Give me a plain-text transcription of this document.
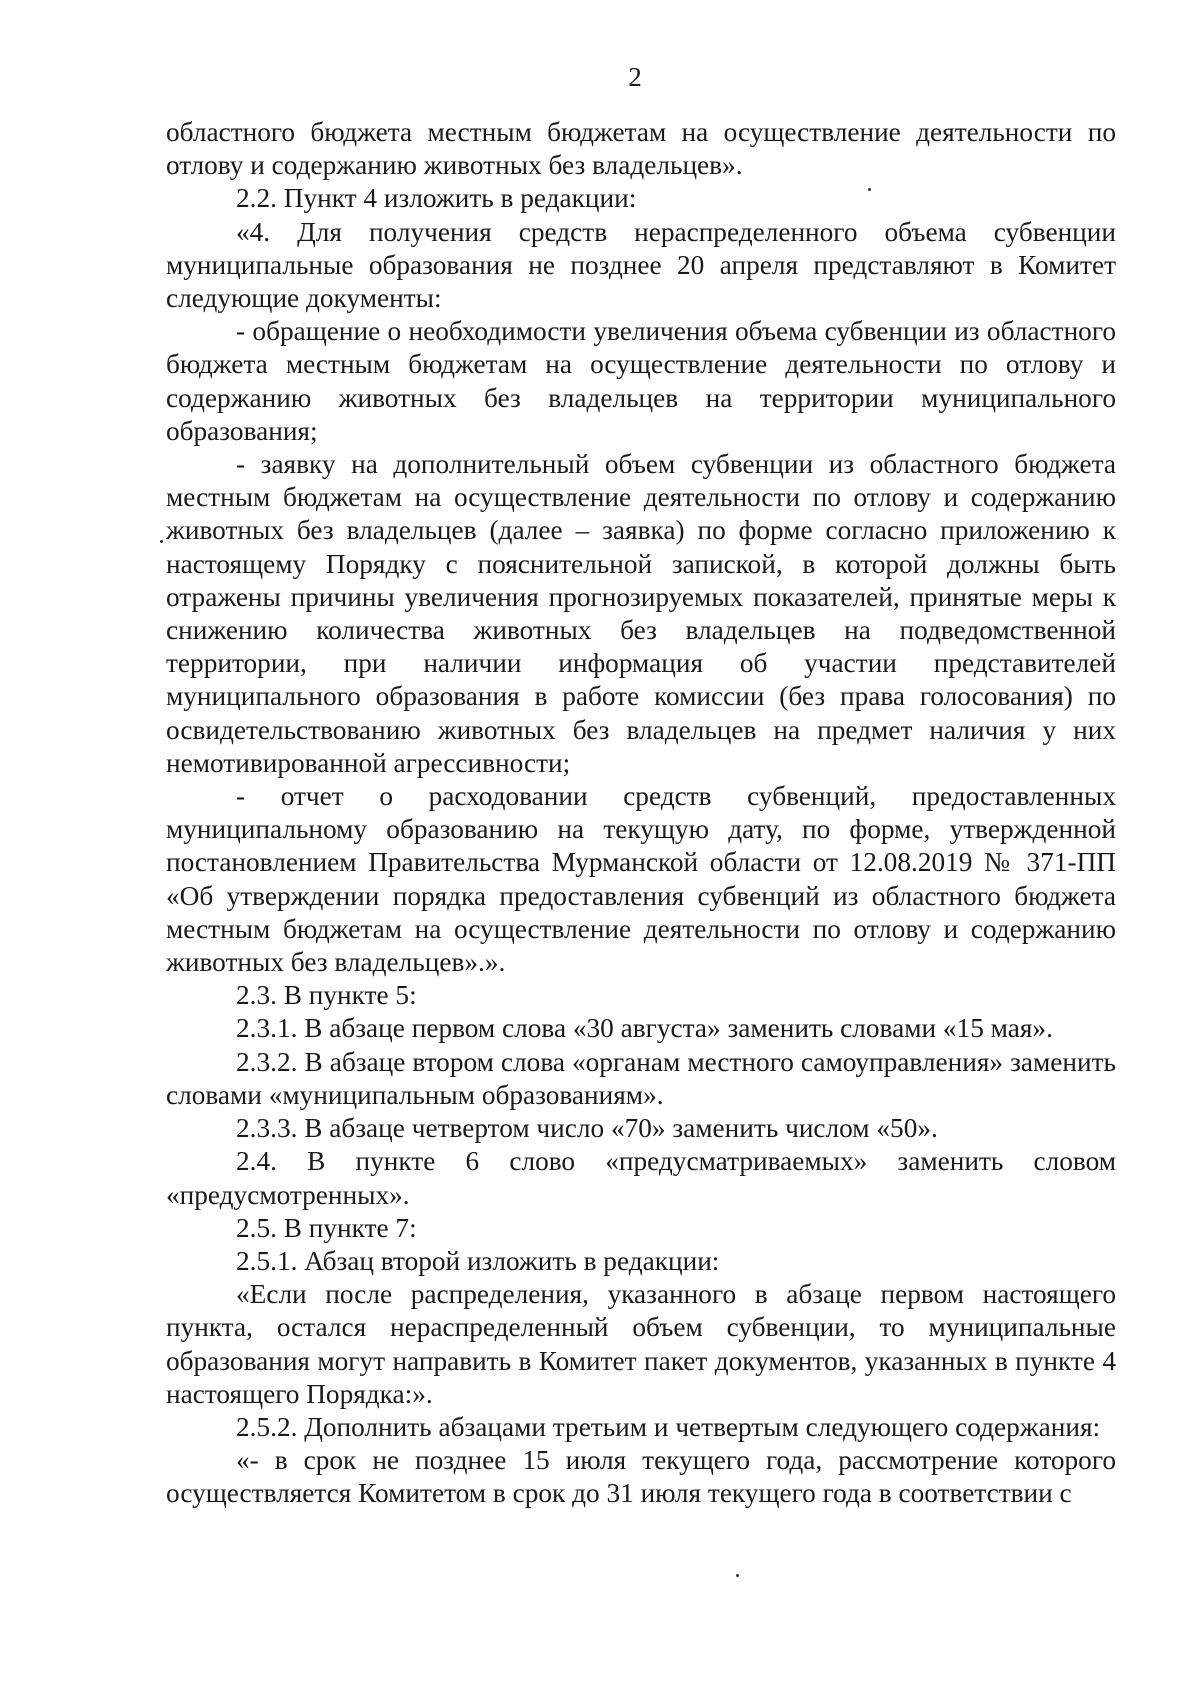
2

областного бюджета местным бюджетам на осуществление деятельности по отлову и содержанию животных без владельцев».

2.2. Пункт 4 изложить в редакции:

«4. Для получения средств нераспределенного объема субвенции муниципальные образования не позднее 20 апреля представляют в Комитет следующие документы:

- обращение о необходимости увеличения объема субвенции из областного бюджета местным бюджетам на осуществление деятельности по отлову и содержанию животных без владельцев на территории муниципального образования;

- заявку на дополнительный объем субвенции из областного бюджета местным бюджетам на осуществление деятельности по отлову и содержанию животных без владельцев (далее – заявка) по форме согласно приложению к настоящему Порядку с пояснительной запиской, в которой должны быть отражены причины увеличения прогнозируемых показателей, принятые меры к снижению количества животных без владельцев на подведомственной территории, при наличии информация об участии представителей муниципального образования в работе комиссии (без права голосования) по освидетельствованию животных без владельцев на предмет наличия у них немотивированной агрессивности;

- отчет о расходовании средств субвенций, предоставленных муниципальному образованию на текущую дату, по форме, утвержденной постановлением Правительства Мурманской области от 12.08.2019 № 371-ПП «Об утверждении порядка предоставления субвенций из областного бюджета местным бюджетам на осуществление деятельности по отлову и содержанию животных без владельцев».».

2.3. В пункте 5:

2.3.1. В абзаце первом слова «30 августа» заменить словами «15 мая».

2.3.2. В абзаце втором слова «органам местного самоуправления» заменить словами «муниципальным образованиям».

2.3.3. В абзаце четвертом число «70» заменить числом «50».

2.4. В пункте 6 слово «предусматриваемых» заменить словом «предусмотренных».

2.5. В пункте 7:

2.5.1. Абзац второй изложить в редакции:

«Если после распределения, указанного в абзаце первом настоящего пункта, остался нераспределенный объем субвенции, то муниципальные образования могут направить в Комитет пакет документов, указанных в пункте 4 настоящего Порядка:».

2.5.2. Дополнить абзацами третьим и четвертым следующего содержания:

«- в срок не позднее 15 июля текущего года, рассмотрение которого осуществляется Комитетом в срок до 31 июля текущего года в соответствии с
